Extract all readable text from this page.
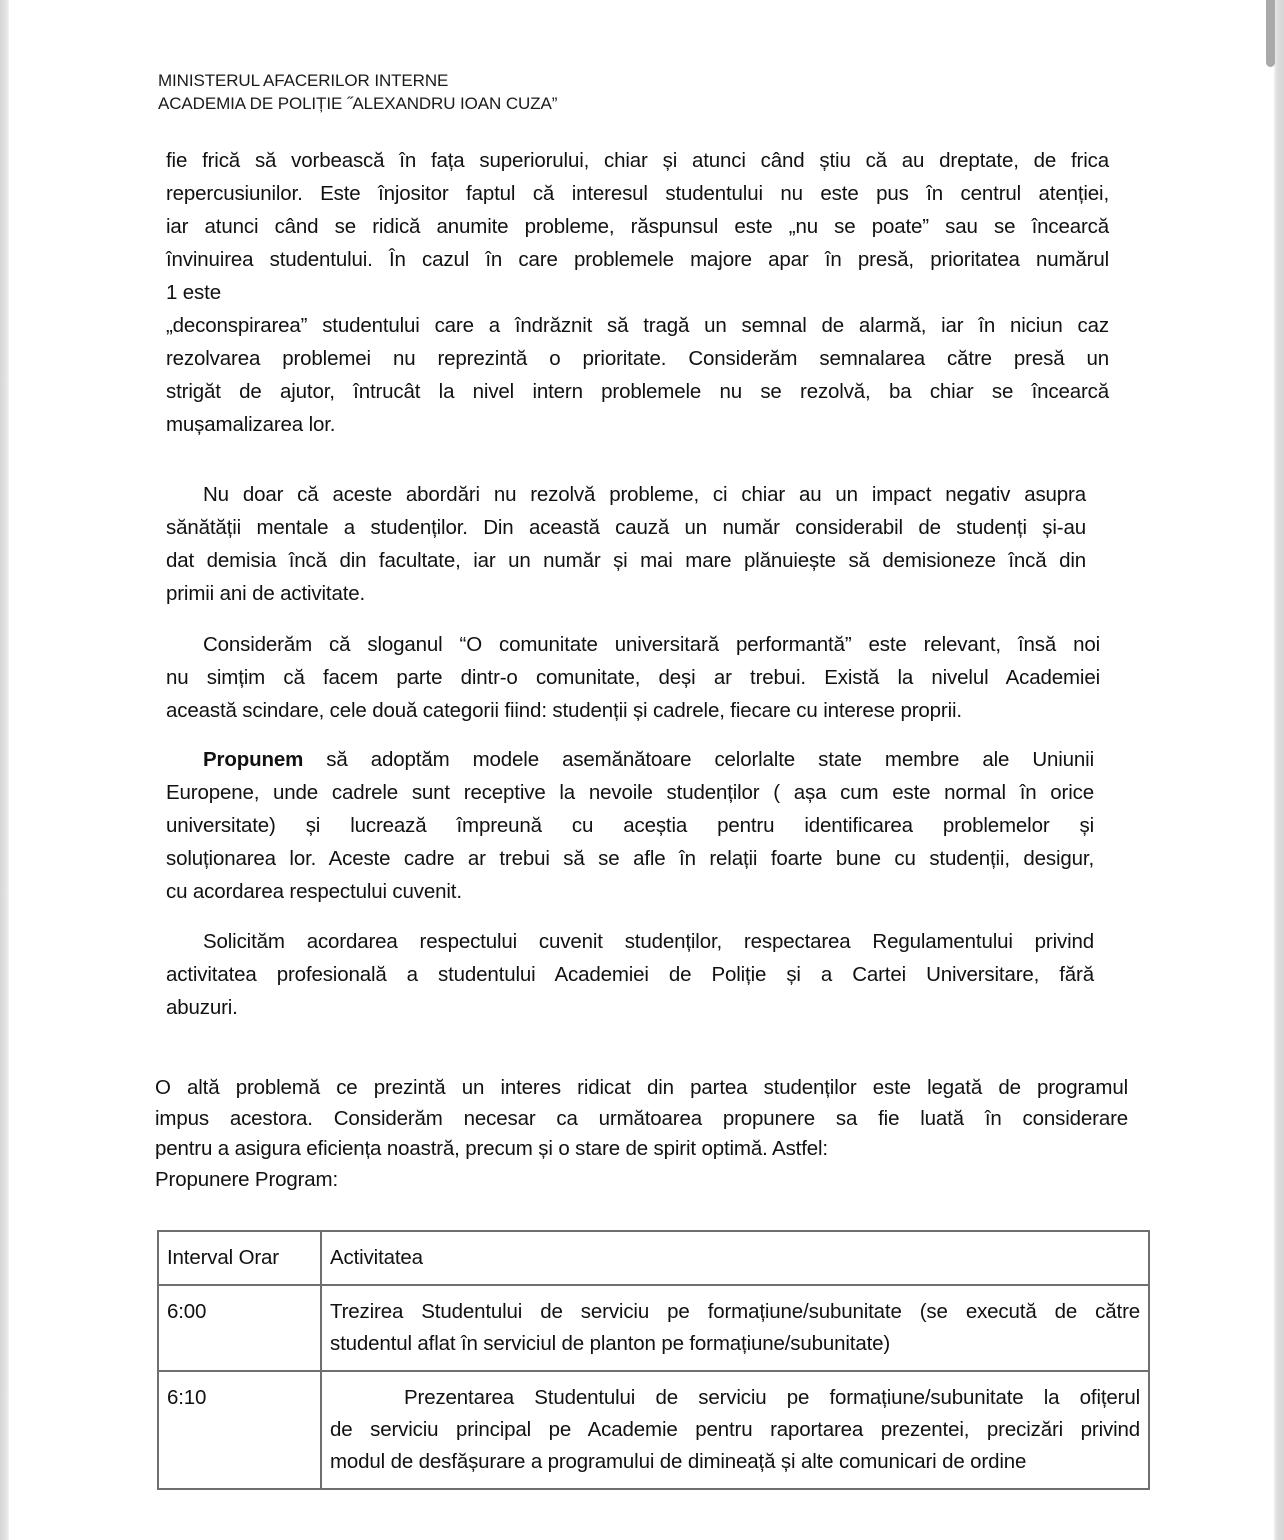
MINISTERUL AFACERILOR INTERNE
ACADEMIA DE POLIȚIE ˝ALEXANDRU IOAN CUZA”
fie frică să vorbească în fața superiorului, chiar și atunci când știu că au dreptate, de frica
repercusiunilor. Este înjositor faptul că interesul studentului nu este pus în centrul atenției,
iar atunci când se ridică anumite probleme, răspunsul este „nu se poate” sau se încearcă
învinuirea studentului. În cazul în care problemele majore apar în presă, prioritatea numărul
1 este
„deconspirarea” studentului care a îndrăznit să tragă un semnal de alarmă, iar în niciun caz
rezolvarea problemei nu reprezintă o prioritate. Considerăm semnalarea către presă un
strigăt de ajutor, întrucât la nivel intern problemele nu se rezolvă, ba chiar se încearcă
mușamalizarea lor.
Nu doar că aceste abordări nu rezolvă probleme, ci chiar au un impact negativ asupra
sănătății mentale a studenților. Din această cauză un număr considerabil de studenți și-au
dat demisia încă din facultate, iar un număr și mai mare plănuiește să demisioneze încă din
primii ani de activitate.
Considerăm că sloganul “O comunitate universitară performantă” este relevant, însă noi
nu simțim că facem parte dintr-o comunitate, deși ar trebui. Există la nivelul Academiei
această scindare, cele două categorii fiind: studenții și cadrele, fiecare cu interese proprii.
Propunem să adoptăm modele asemănătoare celorlalte state membre ale Uniunii
Europene, unde cadrele sunt receptive la nevoile studenților ( așa cum este normal în orice
universitate) și lucrează împreună cu aceștia pentru identificarea problemelor și
soluționarea lor. Aceste cadre ar trebui să se afle în relații foarte bune cu studenții, desigur,
cu acordarea respectului cuvenit.
Solicităm acordarea respectului cuvenit studenților, respectarea Regulamentului privind
activitatea profesională a studentului Academiei de Poliție și a Cartei Universitare, fără
abuzuri.
O altă problemă ce prezintă un interes ridicat din partea studenților este legată de programul
impus acestora. Considerăm necesar ca următoarea propunere sa fie luată în considerare
pentru a asigura eficiența noastră, precum și o stare de spirit optimă. Astfel:
Propunere Program:
Interval Orar	Activitatea

6:00	Trezirea Studentului de serviciu pe formațiune/subunitate (se execută de către
studentul aflat în serviciul de planton pe formațiune/subunitate)

6:10	Prezentarea Studentului de serviciu pe formațiune/subunitate la ofițerul
de serviciu principal pe Academie pentru raportarea prezentei, precizări privind
modul de desfășurare a programului de dimineață și alte comunicari de ordine
